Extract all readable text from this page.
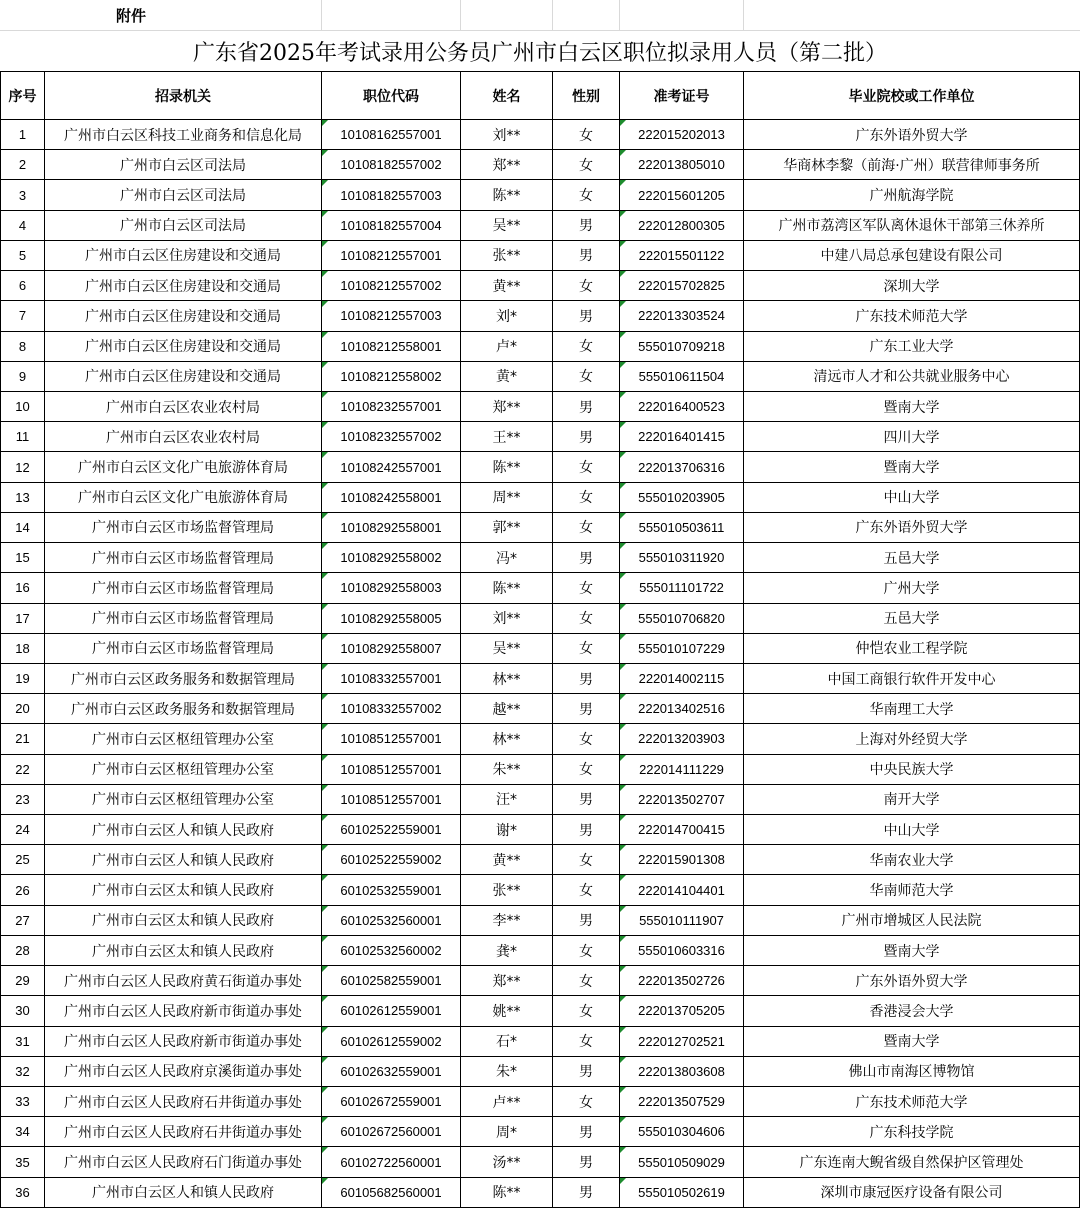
附件
广东省2025年考试录用公务员广州市白云区职位拟录用人员（第二批）
序号	招录机关	职位代码	姓名	性别	准考证号	毕业院校或工作单位
1	广州市白云区科技工业商务和信息化局	10108162557001	刘**	女	222015202013	广东外语外贸大学
2	广州市白云区司法局	10108182557002	郑**	女	222013805010	华商林李黎（前海·广州）联营律师事务所
3	广州市白云区司法局	10108182557003	陈**	女	222015601205	广州航海学院
4	广州市白云区司法局	10108182557004	吴**	男	222012800305	广州市荔湾区军队离休退休干部第三休养所
5	广州市白云区住房建设和交通局	10108212557001	张**	男	222015501122	中建八局总承包建设有限公司
6	广州市白云区住房建设和交通局	10108212557002	黄**	女	222015702825	深圳大学
7	广州市白云区住房建设和交通局	10108212557003	刘*	男	222013303524	广东技术师范大学
8	广州市白云区住房建设和交通局	10108212558001	卢*	女	555010709218	广东工业大学
9	广州市白云区住房建设和交通局	10108212558002	黄*	女	555010611504	清远市人才和公共就业服务中心
10	广州市白云区农业农村局	10108232557001	郑**	男	222016400523	暨南大学
11	广州市白云区农业农村局	10108232557002	王**	男	222016401415	四川大学
12	广州市白云区文化广电旅游体育局	10108242557001	陈**	女	222013706316	暨南大学
13	广州市白云区文化广电旅游体育局	10108242558001	周**	女	555010203905	中山大学
14	广州市白云区市场监督管理局	10108292558001	郭**	女	555010503611	广东外语外贸大学
15	广州市白云区市场监督管理局	10108292558002	冯*	男	555010311920	五邑大学
16	广州市白云区市场监督管理局	10108292558003	陈**	女	555011101722	广州大学
17	广州市白云区市场监督管理局	10108292558005	刘**	女	555010706820	五邑大学
18	广州市白云区市场监督管理局	10108292558007	吴**	女	555010107229	仲恺农业工程学院
19	广州市白云区政务服务和数据管理局	10108332557001	林**	男	222014002115	中国工商银行软件开发中心
20	广州市白云区政务服务和数据管理局	10108332557002	越**	男	222013402516	华南理工大学
21	广州市白云区枢纽管理办公室	10108512557001	林**	女	222013203903	上海对外经贸大学
22	广州市白云区枢纽管理办公室	10108512557001	朱**	女	222014111229	中央民族大学
23	广州市白云区枢纽管理办公室	10108512557001	汪*	男	222013502707	南开大学
24	广州市白云区人和镇人民政府	60102522559001	谢*	男	222014700415	中山大学
25	广州市白云区人和镇人民政府	60102522559002	黄**	女	222015901308	华南农业大学
26	广州市白云区太和镇人民政府	60102532559001	张**	女	222014104401	华南师范大学
27	广州市白云区太和镇人民政府	60102532560001	李**	男	555010111907	广州市增城区人民法院
28	广州市白云区太和镇人民政府	60102532560002	龚*	女	555010603316	暨南大学
29	广州市白云区人民政府黄石街道办事处	60102582559001	郑**	女	222013502726	广东外语外贸大学
30	广州市白云区人民政府新市街道办事处	60102612559001	姚**	女	222013705205	香港浸会大学
31	广州市白云区人民政府新市街道办事处	60102612559002	石*	女	222012702521	暨南大学
32	广州市白云区人民政府京溪街道办事处	60102632559001	朱*	男	222013803608	佛山市南海区博物馆
33	广州市白云区人民政府石井街道办事处	60102672559001	卢**	女	222013507529	广东技术师范大学
34	广州市白云区人民政府石井街道办事处	60102672560001	周*	男	555010304606	广东科技学院
35	广州市白云区人民政府石门街道办事处	60102722560001	汤**	男	555010509029	广东连南大鲵省级自然保护区管理处
36	广州市白云区人和镇人民政府	60105682560001	陈**	男	555010502619	深圳市康冠医疗设备有限公司
